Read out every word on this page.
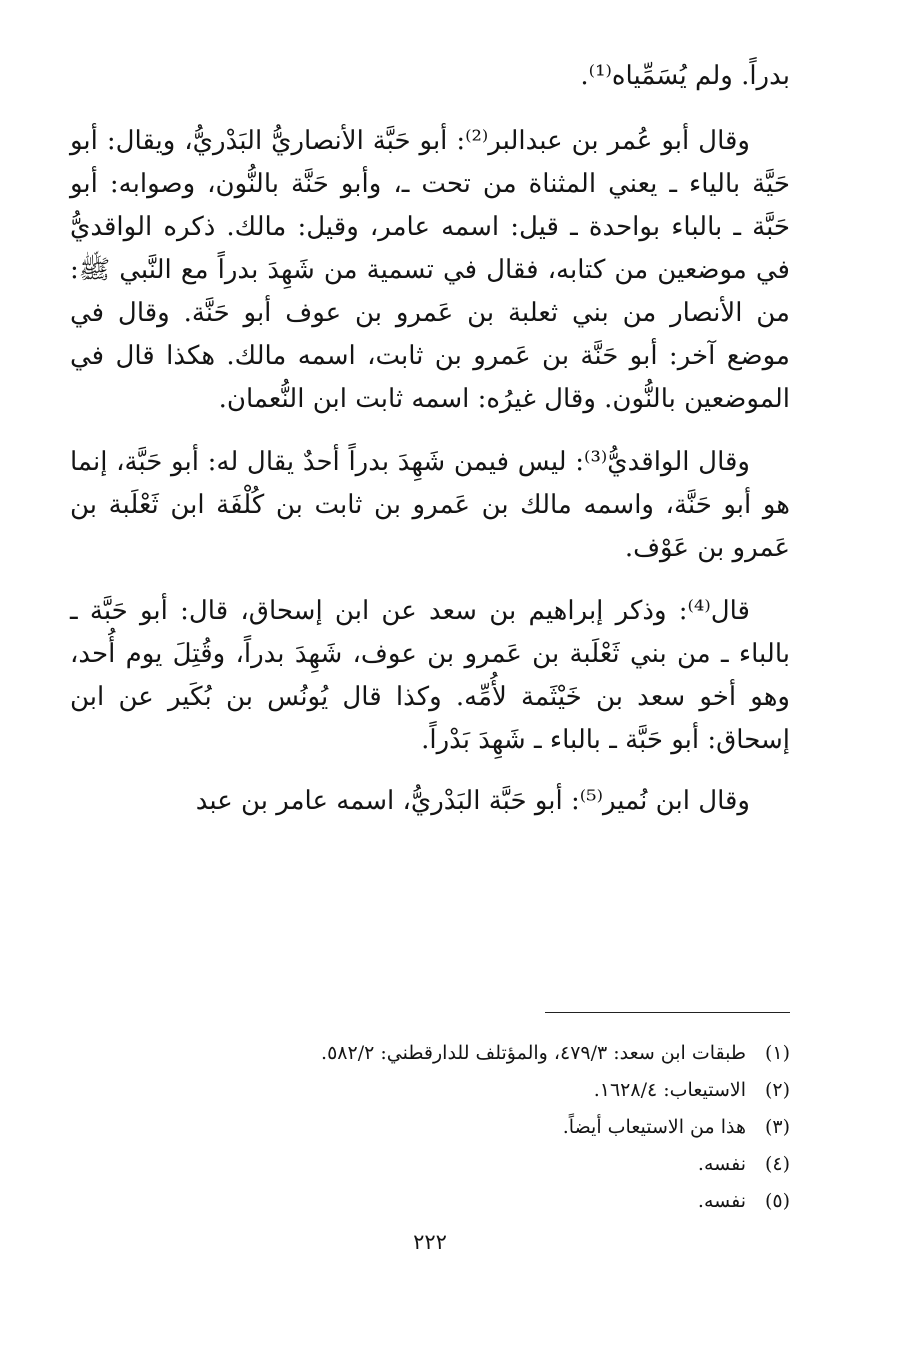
بدراً. ولم يُسَمِّياه⁽¹⁾.

وقال أبو عُمر بن عبدالبر⁽²⁾: أبو حَبَّة الأنصاريُّ البَدْريُّ، ويقال: أبو حَيَّة بالياء ـ يعني المثناة من تحت ـ، وأبو حَنَّة بالنُّون، وصوابه: أبو حَبَّة ـ بالباء بواحدة ـ قيل: اسمه عامر، وقيل: مالك. ذكره الواقديُّ في موضعين من كتابه، فقال في تسمية من شَهِدَ بدراً مع النَّبي ﷺ: من الأنصار من بني ثعلبة بن عَمرو بن عوف أبو حَنَّة. وقال في موضع آخر: أبو حَنَّة بن عَمرو بن ثابت، اسمه مالك. هكذا قال في الموضعين بالنُّون. وقال غيرُه: اسمه ثابت ابن النُّعمان.

وقال الواقديُّ⁽³⁾: ليس فيمن شَهِدَ بدراً أحدٌ يقال له: أبو حَبَّة، إنما هو أبو حَنَّة، واسمه مالك بن عَمرو بن ثابت بن كُلْفَة ابن ثَعْلَبة بن عَمرو بن عَوْف.

قال⁽⁴⁾: وذكر إبراهيم بن سعد عن ابن إسحاق، قال: أبو حَبَّة ـ بالباء ـ من بني ثَعْلَبة بن عَمرو بن عوف، شَهِدَ بدراً، وقُتِلَ يوم أُحد، وهو أخو سعد بن خَيْثَمة لأُمِّه. وكذا قال يُونُس بن بُكَير عن ابن إسحاق: أبو حَبَّة ـ بالباء ـ شَهِدَ بَدْراً.

وقال ابن نُمير⁽⁵⁾: أبو حَبَّة البَدْريُّ، اسمه عامر بن عبد

(١)
طبقات ابن سعد: ٤٧٩/٣، والمؤتلف للدارقطني: ٥٨٢/٢.
(٢)
الاستيعاب: ١٦٢٨/٤.
(٣)
هذا من الاستيعاب أيضاً.
(٤)
نفسه.
(٥)
نفسه.
٢٢٢
